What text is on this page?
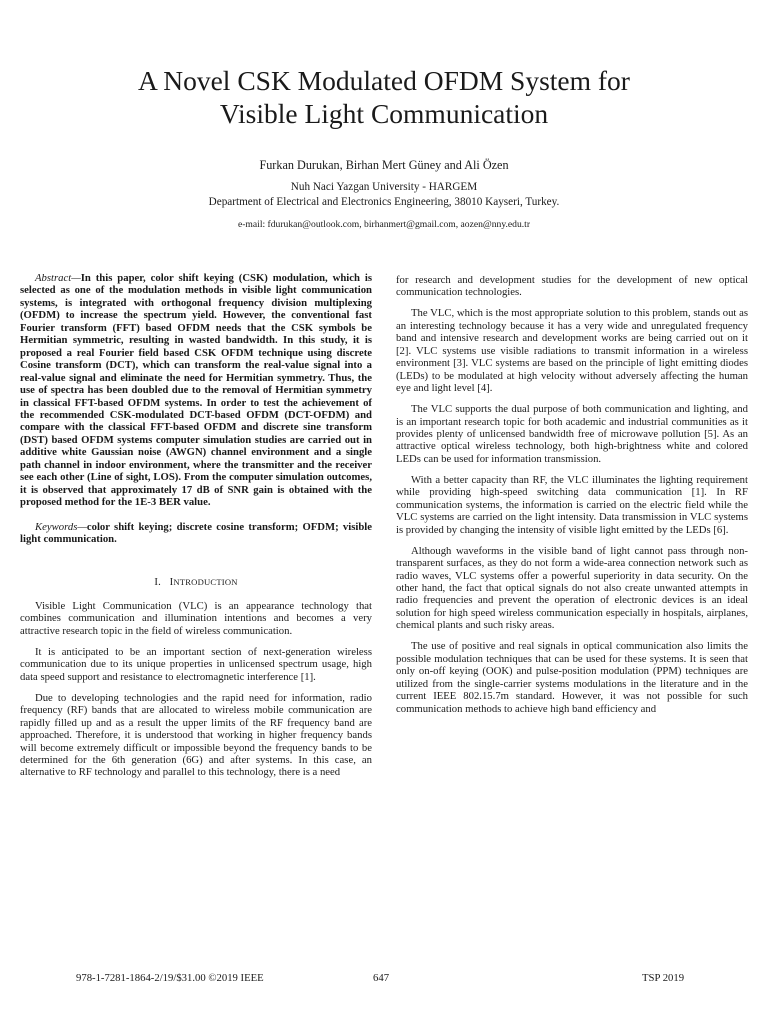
A Novel CSK Modulated OFDM System for
Visible Light Communication
Furkan Durukan, Birhan Mert Güney and Ali Özen
Nuh Naci Yazgan University - HARGEM
Department of Electrical and Electronics Engineering, 38010 Kayseri, Turkey.
e-mail: fdurukan@outlook.com, birhanmert@gmail.com, aozen@nny.edu.tr

Abstract—In this paper, color shift keying (CSK) modulation, which is selected as one of the modulation methods in visible light communication systems, is integrated with orthogonal frequency division multiplexing (OFDM) to increase the spectrum yield. However, the conventional fast Fourier transform (FFT) based OFDM needs that the CSK symbols be Hermitian symmetric, resulting in wasted bandwidth. In this study, it is proposed a real Fourier field based CSK OFDM technique using discrete Cosine transform (DCT), which can transform the real-value signal into a real-value signal and eliminate the need for Hermitian symmetry. Thus, the use of spectra has been doubled due to the removal of Hermitian symmetry in classical FFT-based OFDM systems. In order to test the achievement of the recommended CSK-modulated DCT-based OFDM (DCT-OFDM) and compare with the classical FFT-based OFDM and discrete sine transform (DST) based OFDM systems computer simulation studies are carried out in additive white Gaussian noise (AWGN) channel environment and a single path channel in indoor environment, where the transmitter and the receiver see each other (Line of sight, LOS). From the computer simulation outcomes, it is observed that approximately 17 dB of SNR gain is obtained with the proposed method for the 1E-3 BER value.

Keywords—color shift keying; discrete cosine transform; OFDM; visible light communication.

I. INTRODUCTION

Visible Light Communication (VLC) is an appearance technology that combines communication and illumination intentions and becomes a very attractive research topic in the field of wireless communication.

It is anticipated to be an important section of next-generation wireless communication due to its unique properties in unlicensed spectrum usage, high data speed support and resistance to electromagnetic interference [1].

Due to developing technologies and the rapid need for information, radio frequency (RF) bands that are allocated to wireless mobile communication are rapidly filled up and as a result the upper limits of the RF frequency band are approached. Therefore, it is understood that working in higher frequency bands will become extremely difficult or impossible beyond the frequency bands to be determined for the 6th generation (6G) and after systems. In this case, an alternative to RF technology and parallel to this technology, there is a need

for research and development studies for the development of new optical communication technologies.

The VLC, which is the most appropriate solution to this problem, stands out as an interesting technology because it has a very wide and unregulated frequency band and intensive research and development works are being carried out on it [2]. VLC systems use visible radiations to transmit information in a wireless environment [3]. VLC systems are based on the principle of light emitting diodes (LEDs) to be modulated at high velocity without adversely affecting the human eye and light level [4].

The VLC supports the dual purpose of both communication and lighting, and is an important research topic for both academic and industrial communities as it provides plenty of unlicensed bandwidth free of microwave pollution [5]. As an attractive optical wireless technology, both high-brightness white and colored LEDs can be used for information transmission.

With a better capacity than RF, the VLC illuminates the lighting requirement while providing high-speed switching data communication [1]. In RF communication systems, the information is carried on the electric field while the VLC systems are carried on the light intensity. Data transmission in VLC systems is provided by changing the intensity of visible light emitted by the LEDs [6].

Although waveforms in the visible band of light cannot pass through non-transparent surfaces, as they do not form a wide-area connection network such as radio waves, VLC systems offer a powerful superiority in data security. On the other hand, the fact that optical signals do not also create unwanted attempts in radio frequencies and prevent the operation of electronic devices is an ideal solution for high speed wireless communication especially in hospitals, airplanes, chemical plants and such risky areas.

The use of positive and real signals in optical communication also limits the possible modulation techniques that can be used for these systems. It is seen that only on-off keying (OOK) and pulse-position modulation (PPM) techniques are utilized from the single-carrier systems modulations in the literature and in the current IEEE 802.15.7m standard. However, it was not possible for such communication methods to achieve high band efficiency and

978-1-7281-1864-2/19/$31.00 ©2019 IEEE	647	TSP 2019
